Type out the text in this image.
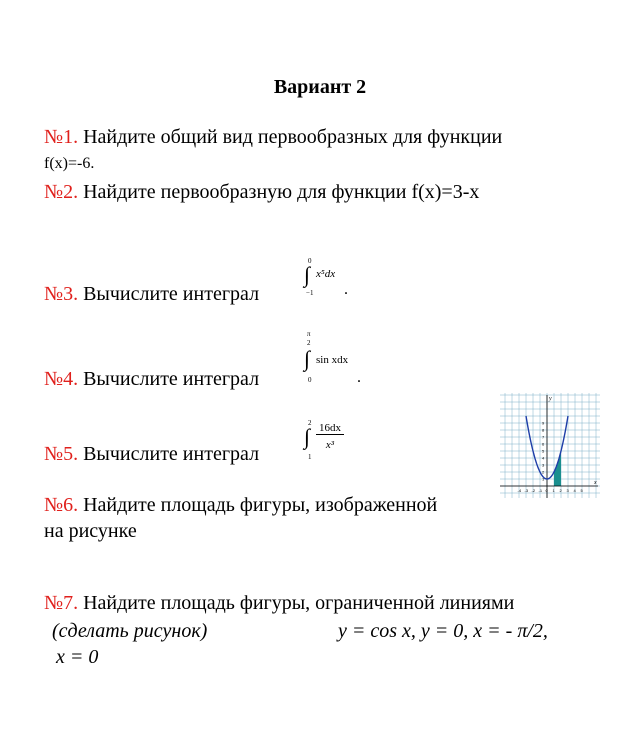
Вариант 2
№1. Найдите общий вид первообразных для функции
f(x)=-6.
№2. Найдите первообразную для функции f(x)=3-x
№3. Вычислите интеграл
0
∫
−1
x⁵dx
.
№4. Вычислите интеграл
π
2
∫
0
sin xdx
.
№5. Вычислите интеграл
2
∫
1
16dx
x³
-4 -3 -2 -1 0 1 2 3 4 5
1
2
3
4
5
6
7
8
9
x
y
№6. Найдите площадь фигуры, изображенной
на рисунке
№7. Найдите площадь фигуры, ограниченной линиями
(сделать рисунок)	y = cos x, y = 0, x = - π/2,
x = 0
